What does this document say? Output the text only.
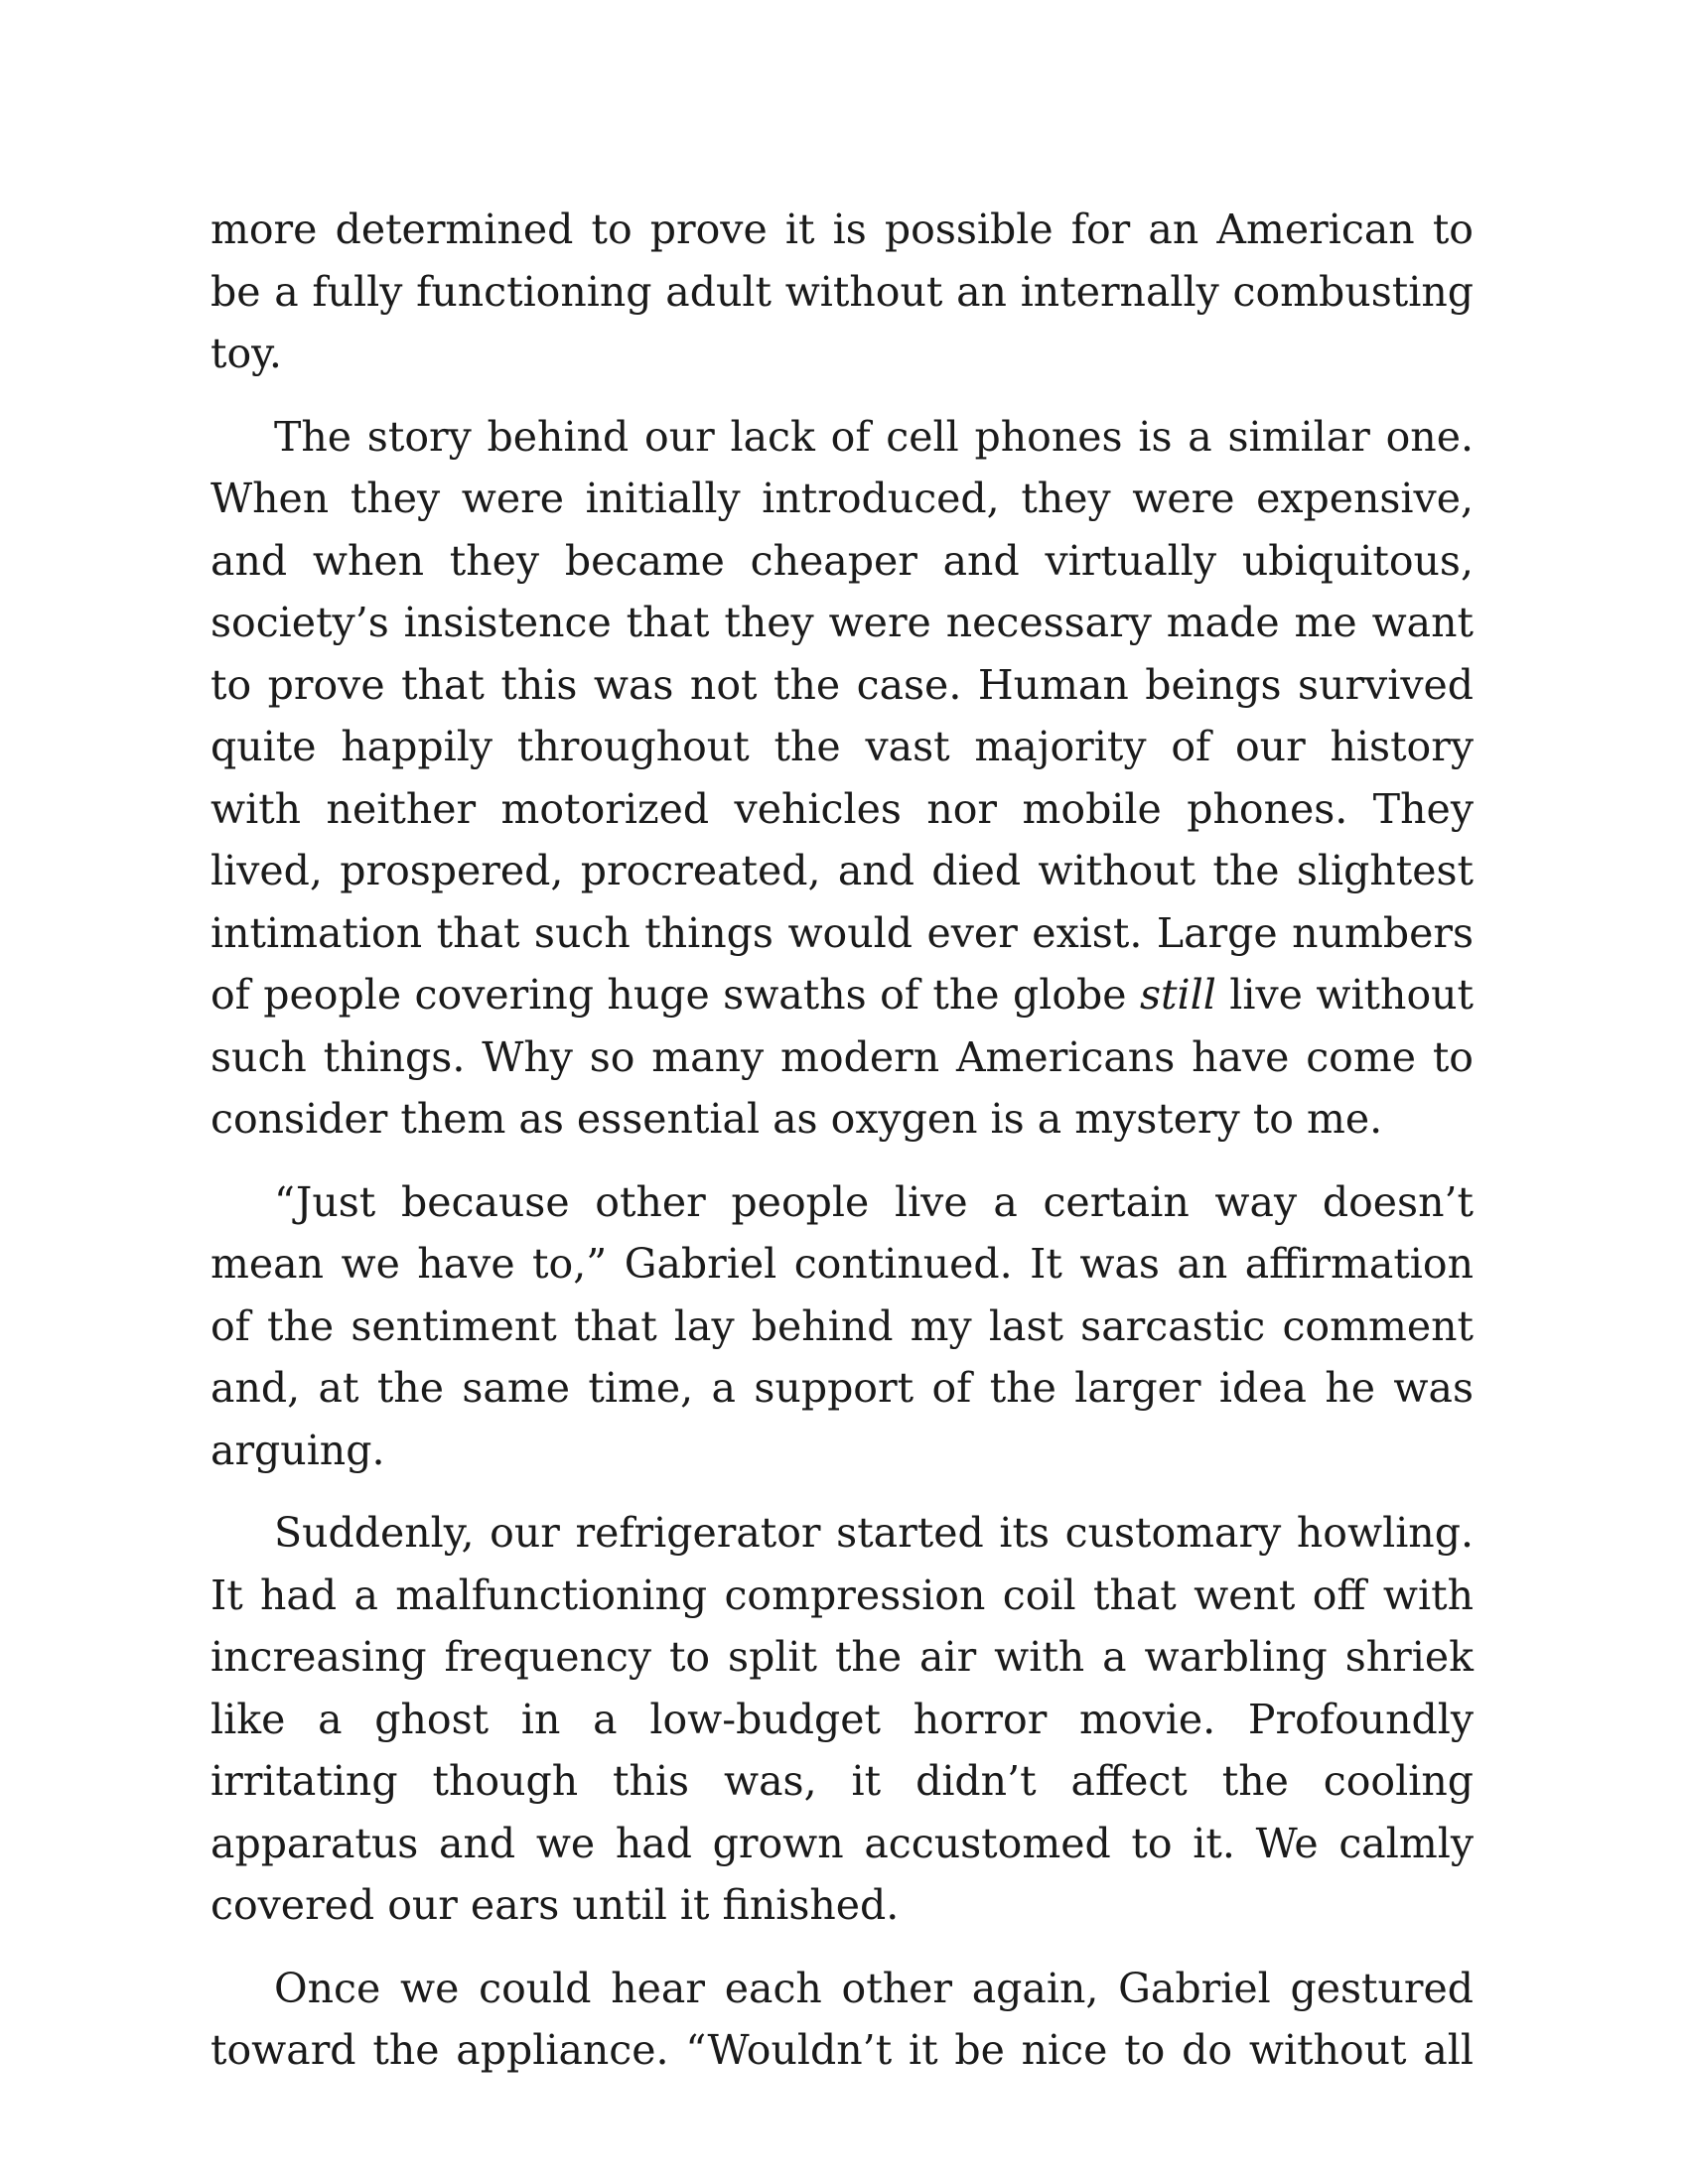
more determined to prove it is possible for an American to be a fully functioning adult without an internally combusting toy.

The story behind our lack of cell phones is a similar one. When they were initially introduced, they were expensive, and when they became cheaper and virtually ubiquitous, society’s insistence that they were necessary made me want to prove that this was not the case. Human beings survived quite happily throughout the vast majority of our history with neither motorized vehicles nor mobile phones. They lived, prospered, procreated, and died without the slightest intimation that such things would ever exist. Large numbers of people covering huge swaths of the globe still live without such things. Why so many modern Americans have come to consider them as essential as oxygen is a mystery to me.

“Just because other people live a certain way doesn’t mean we have to,” Gabriel continued. It was an affirmation of the sentiment that lay behind my last sarcastic comment and, at the same time, a support of the larger idea he was arguing.

Suddenly, our refrigerator started its customary howling. It had a malfunctioning compression coil that went off with increasing frequency to split the air with a warbling shriek like a ghost in a low-budget horror movie. Profoundly irritating though this was, it didn’t affect the cooling apparatus and we had grown accustomed to it. We calmly covered our ears until it finished.

Once we could hear each other again, Gabriel gestured toward the appliance. “Wouldn’t it be nice to do without all
